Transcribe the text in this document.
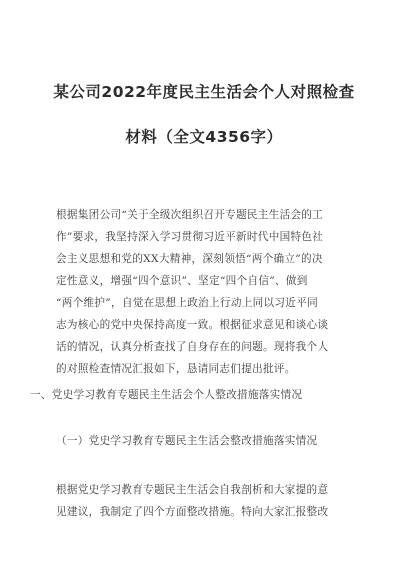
某公司2022年度民主生活会个人对照检查
材料（全文4356字）
根据集团公司“关于全级次组织召开专题民主生活会的工
作”要求，我坚持深入学习贯彻习近平新时代中国特色社
会主义思想和党的XX大精神，深刻领悟“两个确立”的决
定性意义，增强“四个意识”、坚定“四个自信”、做到
“两个维护”，自觉在思想上政治上行动上同以习近平同
志为核心的党中央保持高度一致。根据征求意见和谈心谈
话的情况，认真分析查找了自身存在的问题。现将我个人
的对照检查情况汇报如下，恳请同志们提出批评。
一、党史学习教育专题民主生活会个人整改措施落实情况
（一）党史学习教育专题民主生活会整改措施落实情况
根据党史学习教育专题民主生活会自我剖析和大家提的意
见建议，我制定了四个方面整改措施。特向大家汇报整改
